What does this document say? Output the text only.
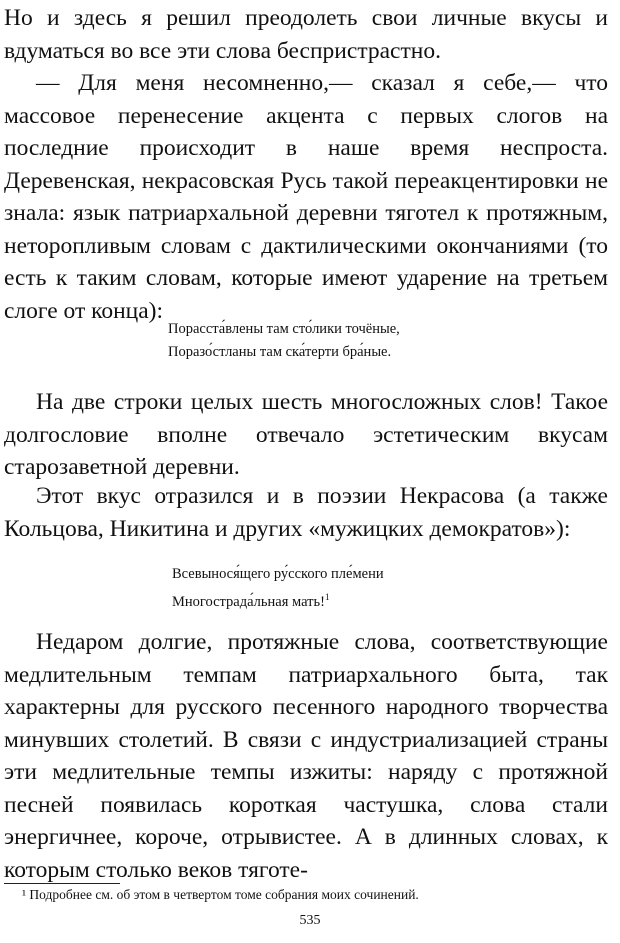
Но и здесь я решил преодолеть свои личные вкусы и вдуматься во все эти слова беспристрастно.

— Для меня несомненно,— сказал я себе,— что массовое перенесение акцента с первых слогов на последние происходит в наше время неспроста. Деревенская, некрасовская Русь такой переакцентировки не знала: язык патриархальной деревни тяготел к протяжным, неторопливым словам с дактилическими окончаниями (то есть к таким словам, которые имеют ударение на третьем слоге от конца):

Порасста́влены там сто́лики точёные,
Поразо́стланы там ска́терти бра́ные.

На две строки целых шесть многосложных слов! Такое долгословие вполне отвечало эстетическим вкусам старозаветной деревни.

Этот вкус отразился и в поэзии Некрасова (а также Кольцова, Никитина и других «мужицких демократов»):

Всевынося́щего ру́сского пле́мени
Многострада́льная мать!$^1$

Недаром долгие, протяжные слова, соответствующие медлительным темпам патриархального быта, так характерны для русского песенного народного творчества минувших столетий. В связи с индустриализацией страны эти медлительные темпы изжиты: наряду с протяжной песней появилась короткая частушка, слова стали энергичнее, короче, отрывистее. А в длинных словах, к которым столько веков тяготе-

¹ Подробнее см. об этом в четвертом томе собрания моих сочинений.

535
